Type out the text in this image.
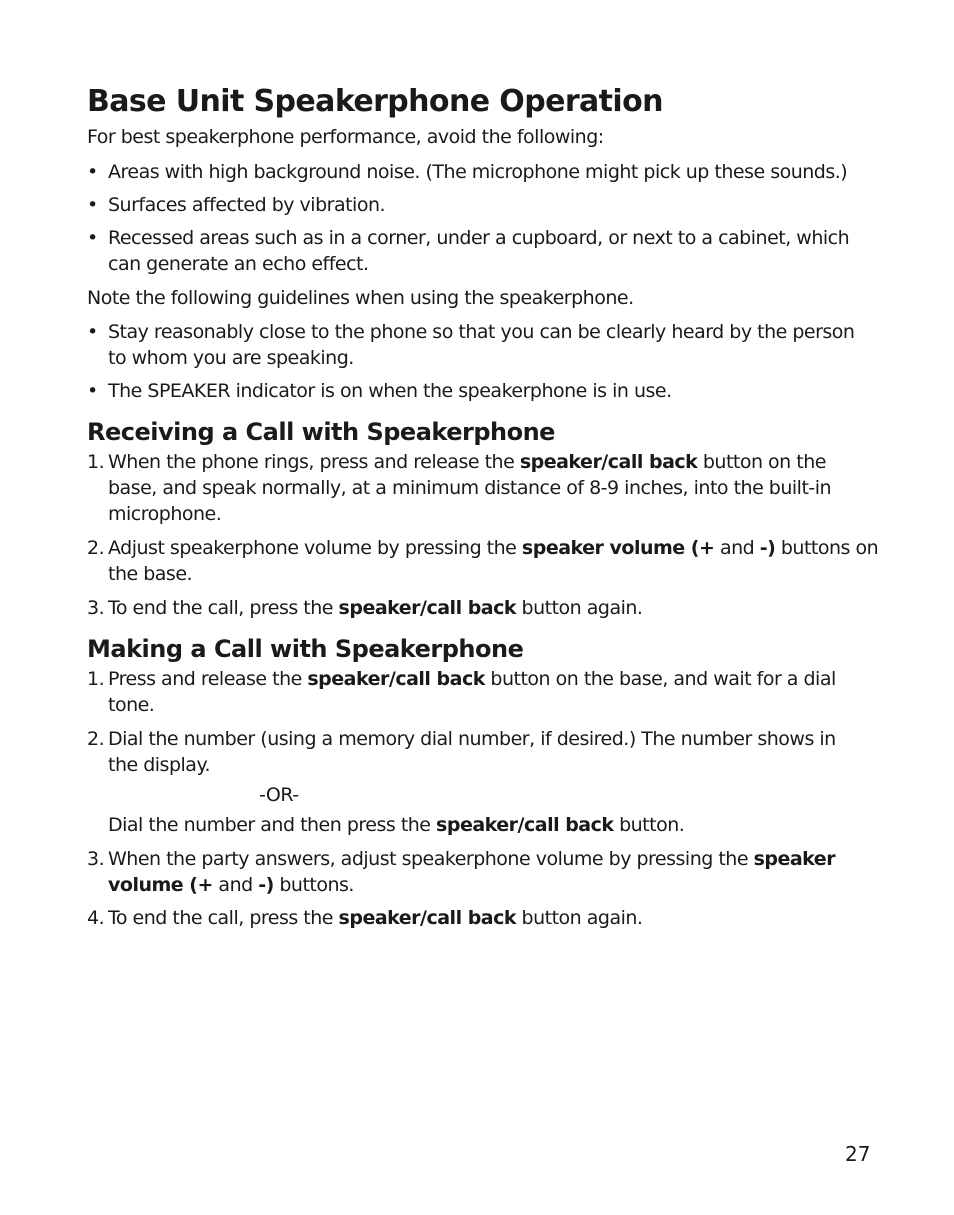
Base Unit Speakerphone Operation

For best speakerphone performance, avoid the following:

• Areas with high background noise. (The microphone might pick up these sounds.)
• Surfaces affected by vibration.
• Recessed areas such as in a corner, under a cupboard, or next to a cabinet, which
can generate an echo effect.

Note the following guidelines when using the speakerphone.

• Stay reasonably close to the phone so that you can be clearly heard by the person
to whom you are speaking.
• The SPEAKER indicator is on when the speakerphone is in use.
Receiving a Call with Speakerphone
1. When the phone rings, press and release the speaker/call back button on the
base, and speak normally, at a minimum distance of 8-9 inches, into the built-in
microphone.
2. Adjust speakerphone volume by pressing the speaker volume (+ and -) buttons on
the base.
3. To end the call, press the speaker/call back button again.
Making a Call with Speakerphone
1. Press and release the speaker/call back button on the base, and wait for a dial
tone.
2. Dial the number (using a memory dial number, if desired.) The number shows in
the display.
-OR-
Dial the number and then press the speaker/call back button.
3. When the party answers, adjust speakerphone volume by pressing the speaker
volume (+ and -) buttons.
4. To end the call, press the speaker/call back button again.
27
